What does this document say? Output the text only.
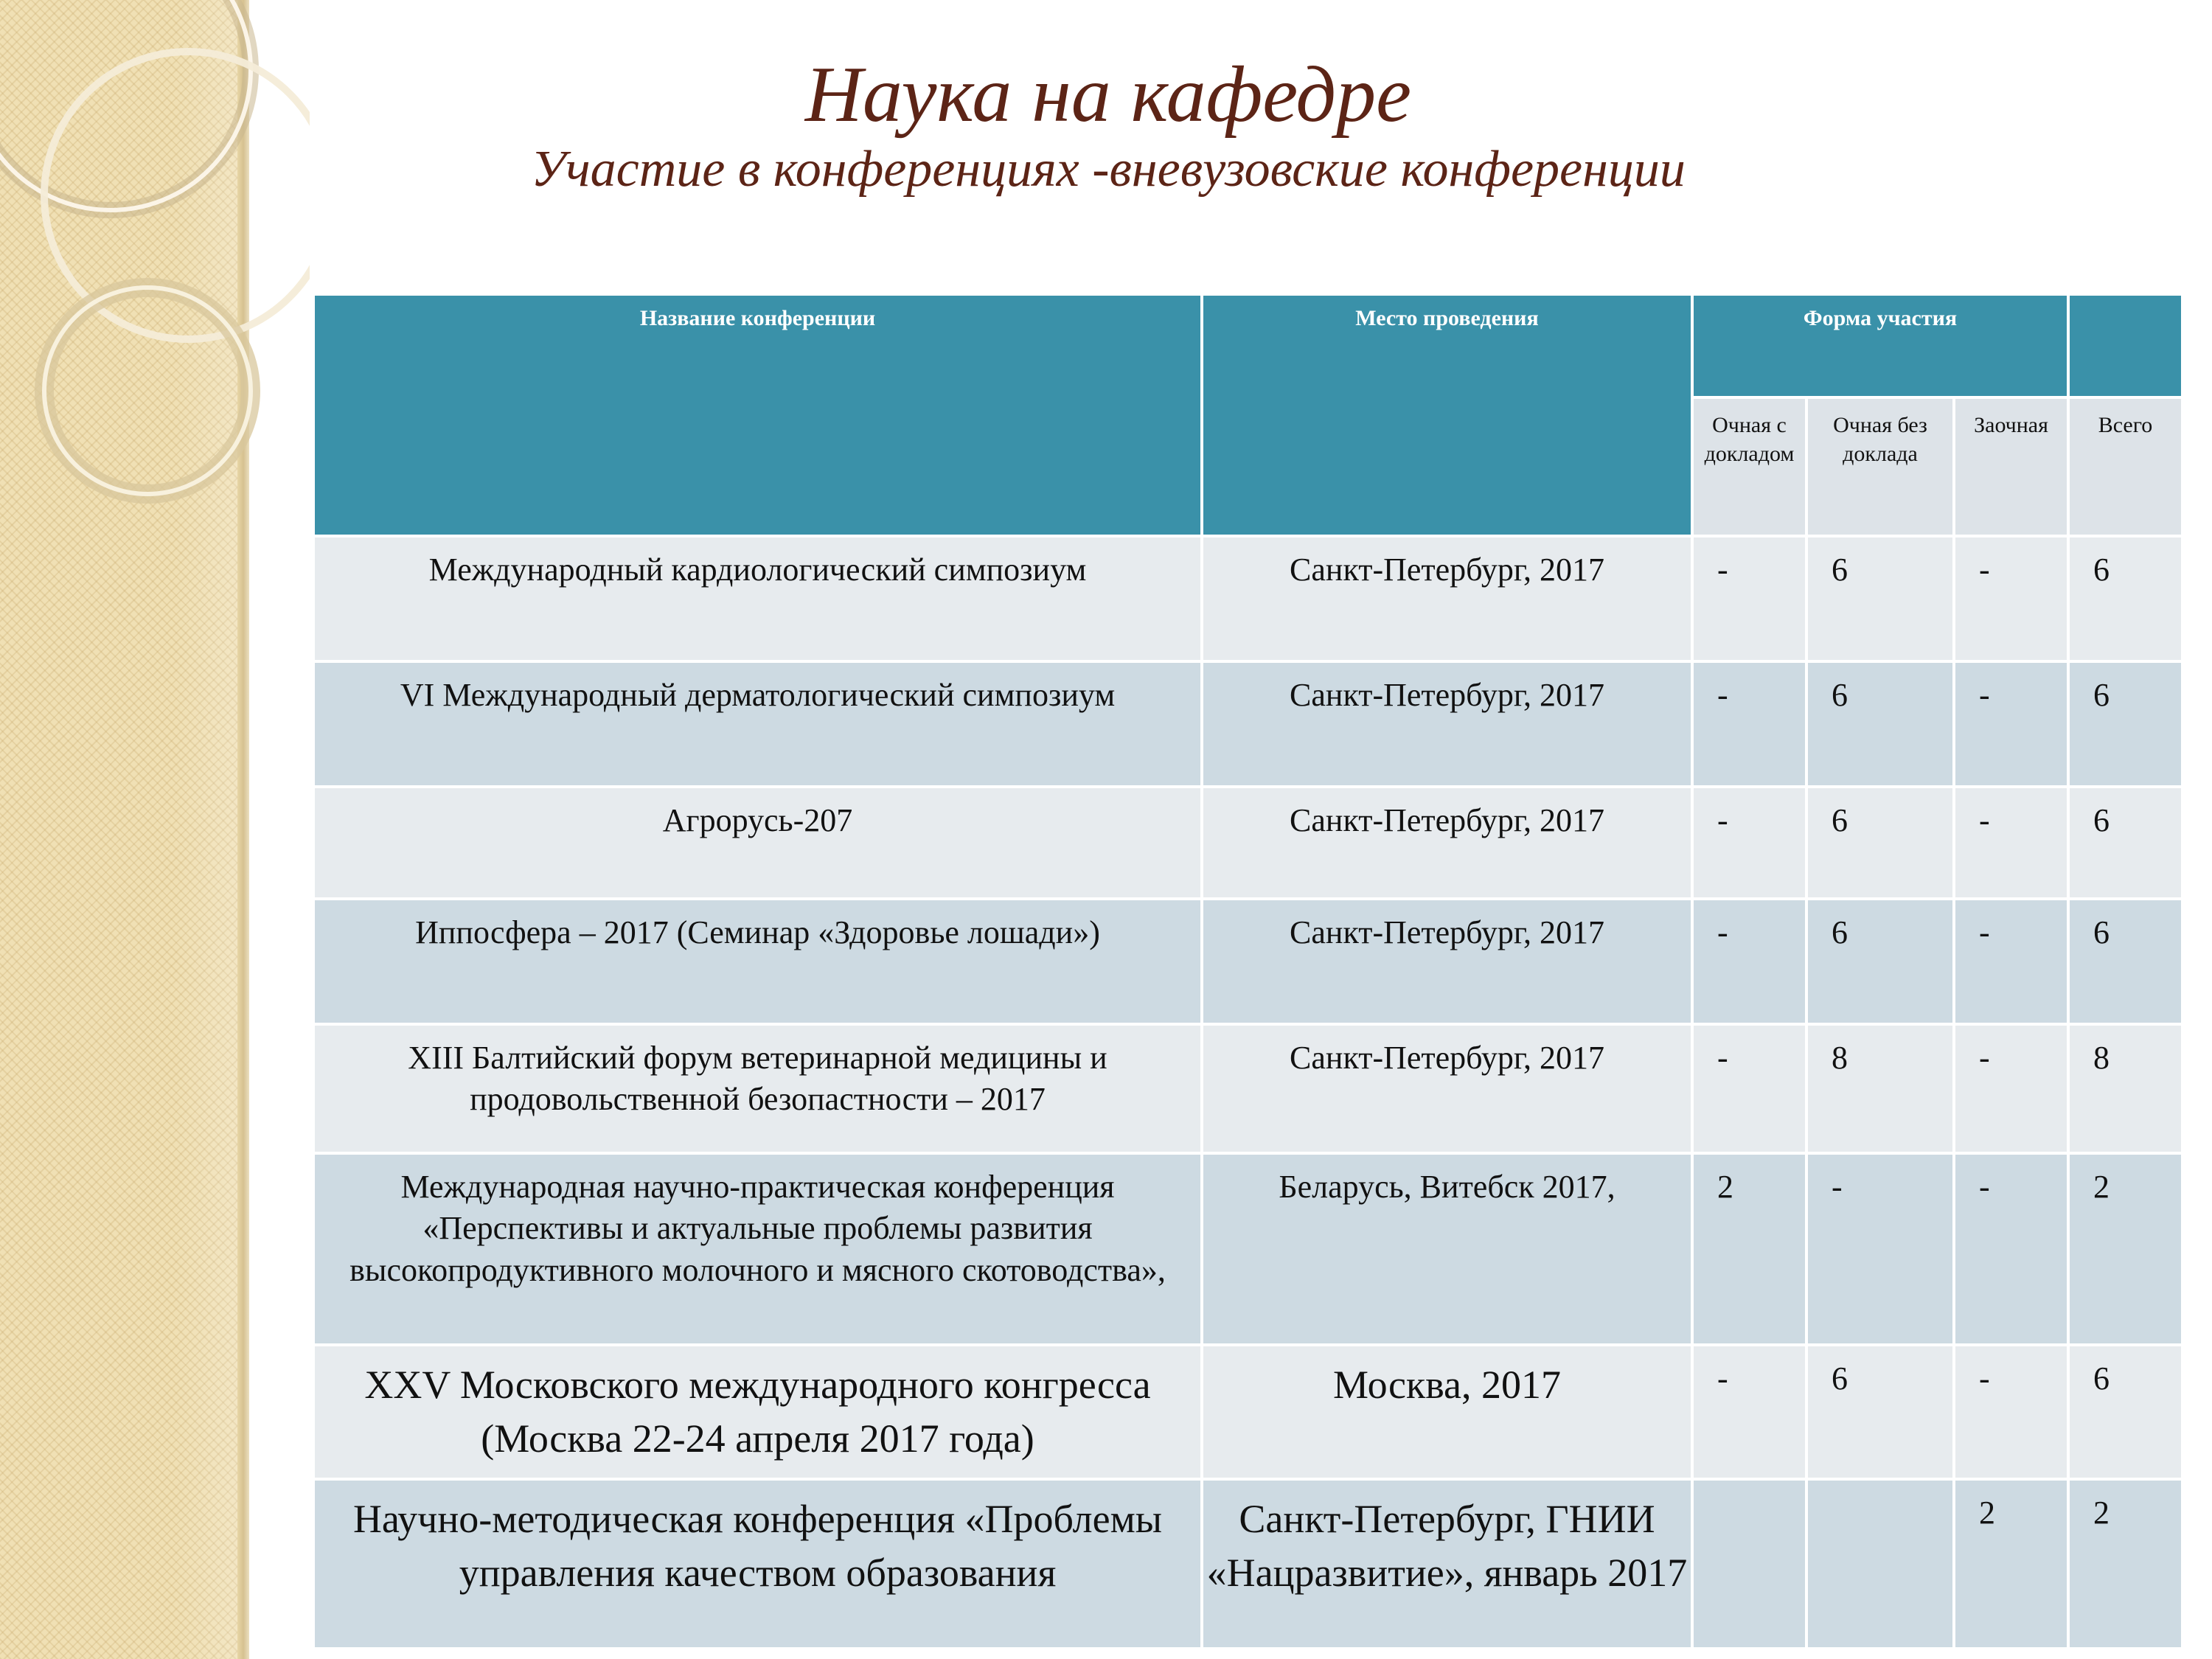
Наука на кафедре
Участие в конференциях -вневузовские конференции
Название конференции	Место проведения	Форма участия			
		Очная с докладом	Очная без доклада	Заочная	Всего
Международный кардиологический симпозиум	Санкт-Петербург, 2017	-	6	-	6
VI Международный дерматологический симпозиум	Санкт-Петербург, 2017	-	6	-	6
Агрорусь-207	Санкт-Петербург, 2017	-	6	-	6
Иппосфера – 2017 (Семинар «Здоровье лошади»)	Санкт-Петербург, 2017	-	6	-	6
XIII Балтийский форум ветеринарной медицины и продовольственной безопастности – 2017	Санкт-Петербург, 2017	-	8	-	8
Международная научно-практическая конференция «Перспективы и актуальные проблемы развития высокопродуктивного молочного и мясного скотоводства»,	Беларусь, Витебск 2017,	2	-	-	2
XXV Московского международного конгресса (Москва 22-24 апреля 2017 года)	Москва, 2017	-	6	-	6
Научно-методическая конференция «Проблемы управления качеством образования	Санкт-Петербург, ГНИИ «Нацразвитие», январь 2017			2	2
